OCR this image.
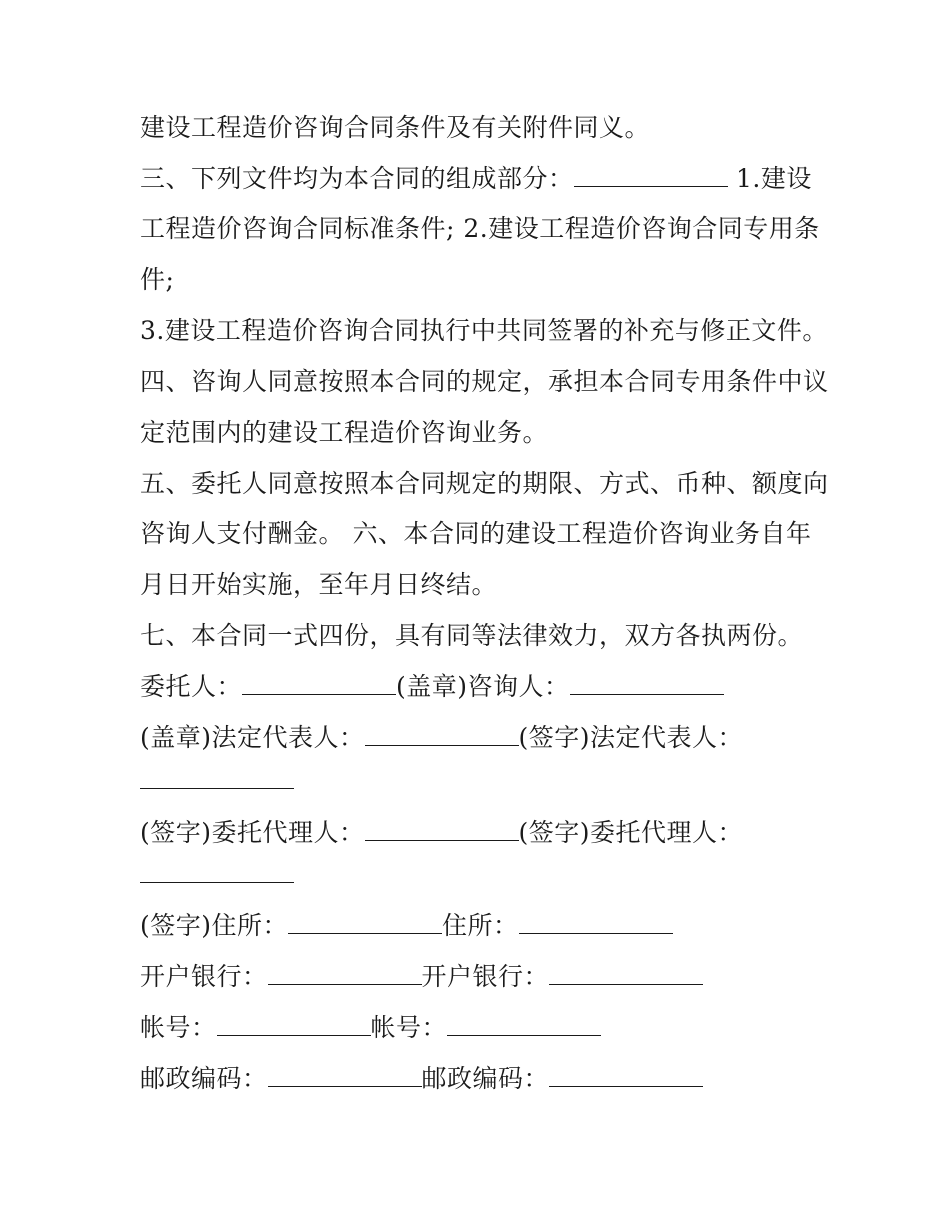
建设工程造价咨询合同条件及有关附件同义。
三、下列文件均为本合同的组成部分：	1.建设
工程造价咨询合同标准条件; 2.建设工程造价咨询合同专用条
件;
3.建设工程造价咨询合同执行中共同签署的补充与修正文件。
四、咨询人同意按照本合同的规定，承担本合同专用条件中议
定范围内的建设工程造价咨询业务。
五、委托人同意按照本合同规定的期限、方式、币种、额度向
咨询人支付酬金。 六、本合同的建设工程造价咨询业务自年
月日开始实施，至年月日终结。
七、本合同一式四份，具有同等法律效力，双方各执两份。
委托人：	(盖章)咨询人：
(盖章)法定代表人：	(签字)法定代表人：
(签字)委托代理人：	(签字)委托代理人：
(签字)住所：	住所：
开户银行：	开户银行：
帐号：	帐号：
邮政编码：	邮政编码：
